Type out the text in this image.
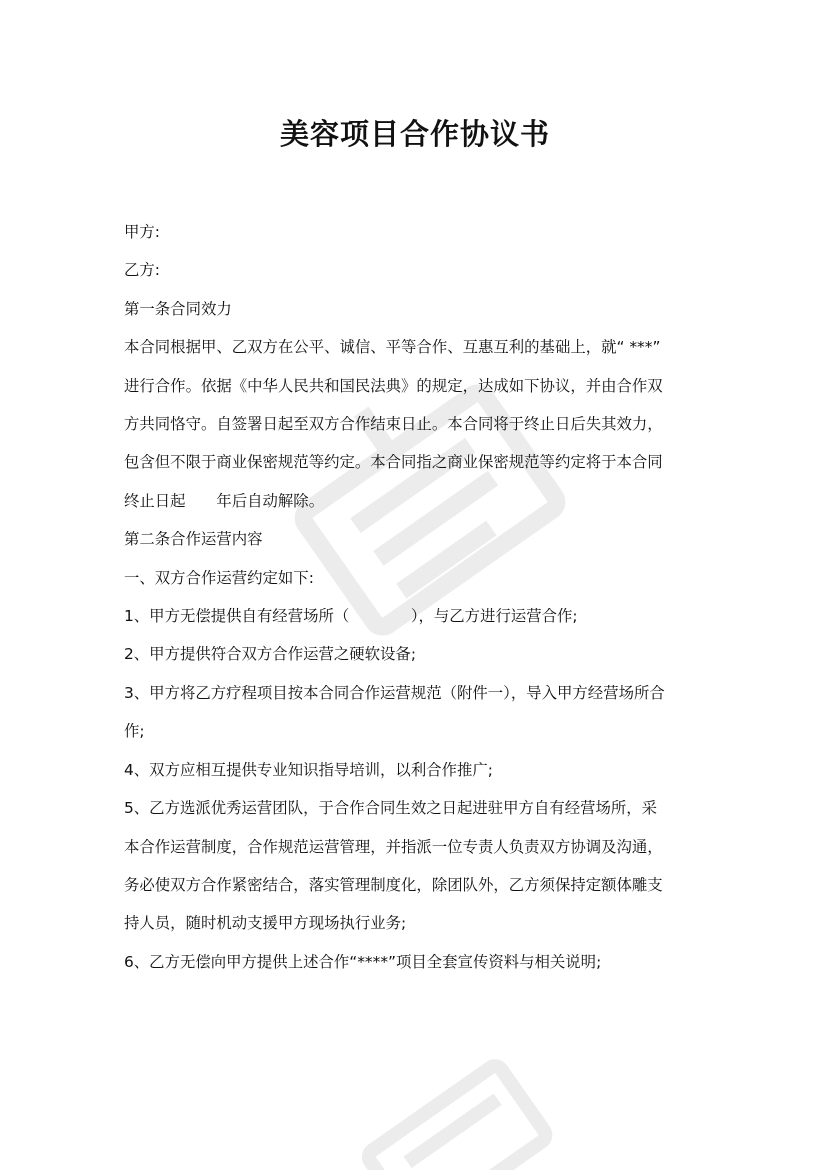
美容项目合作协议书

甲方:

乙方:

第一条合同效力

本合同根据甲、乙双方在公平、诚信、平等合作、互惠互利的基础上，就“ ***”

进行合作。依据《中华人民共和国民法典》的规定，达成如下协议，并由合作双

方共同恪守。自签署日起至双方合作结束日止。本合同将于终止日后失其效力，

包含但不限于商业保密规范等约定。本合同指之商业保密规范等约定将于本合同

终止日起　　年后自动解除。

第二条合作运营内容

一、双方合作运营约定如下:

1、甲方无偿提供自有经营场所（　　　　），与乙方进行运营合作;

2、甲方提供符合双方合作运营之硬软设备;

3、甲方将乙方疗程项目按本合同合作运营规范（附件一），导入甲方经营场所合

作;

4、双方应相互提供专业知识指导培训，以利合作推广;

5、乙方选派优秀运营团队，于合作合同生效之日起进驻甲方自有经营场所，采

本合作运营制度，合作规范运营管理，并指派一位专责人负责双方协调及沟通，

务必使双方合作紧密结合，落实管理制度化，除团队外，乙方须保持定额体雕支

持人员，随时机动支援甲方现场执行业务;

6、乙方无偿向甲方提供上述合作“****”项目全套宣传资料与相关说明;
